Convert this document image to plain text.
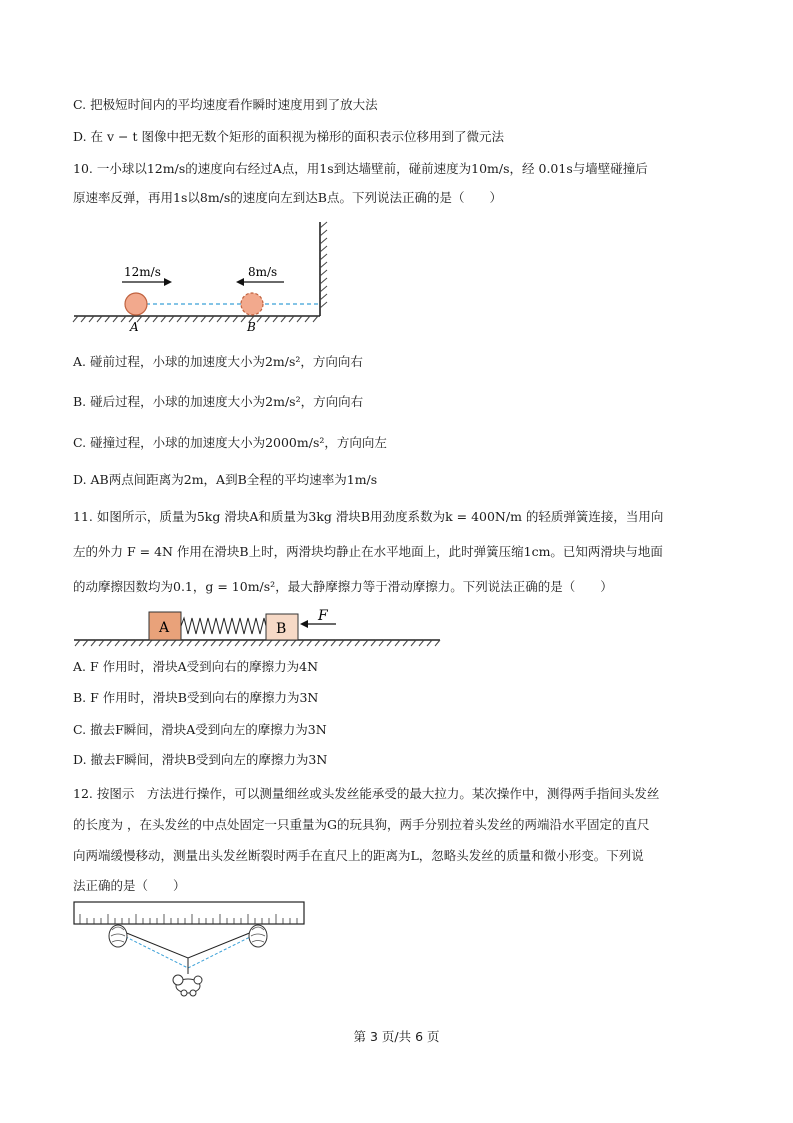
C. 把极短时间内的平均速度看作瞬时速度用到了放大法
D. 在 v − t 图像中把无数个矩形的面积视为梯形的面积表示位移用到了微元法
10. 一小球以12m/s的速度向右经过A点，用1s到达墙壁前，碰前速度为10m/s，经 0.01s与墙壁碰撞后
原速率反弹，再用1s以8m/s的速度向左到达B点。下列说法正确的是（　　）
12m/s	8m/s
A	B
A. 碰前过程，小球的加速度大小为2m/s²，方向向右
B. 碰后过程，小球的加速度大小为2m/s²，方向向右
C. 碰撞过程，小球的加速度大小为2000m/s²，方向向左
D. AB两点间距离为2m，A到B全程的平均速率为1m/s
11. 如图所示，质量为5kg 滑块A和质量为3kg 滑块B用劲度系数为k = 400N/m 的轻质弹簧连接，当用向
左的外力 F = 4N 作用在滑块B上时，两滑块均静止在水平地面上，此时弹簧压缩1cm。已知两滑块与地面
的动摩擦因数均为0.1，g = 10m/s²，最大静摩擦力等于滑动摩擦力。下列说法正确的是（　　）
A	B
F
A. F 作用时，滑块A受到向右的摩擦力为4N
B. F 作用时，滑块B受到向右的摩擦力为3N
C. 撤去F瞬间，滑块A受到向左的摩擦力为3N
D. 撤去F瞬间，滑块B受到向左的摩擦力为3N
12. 按图示　方法进行操作，可以测量细丝或头发丝能承受的最大拉力。某次操作中，测得两手指间头发丝
的长度为 ，在头发丝的中点处固定一只重量为G的玩具狗，两手分别拉着头发丝的两端沿水平固定的直尺
向两端缓慢移动，测量出头发丝断裂时两手在直尺上的距离为L，忽略头发丝的质量和微小形变。下列说
法正确的是（　　）
第 3 页/共 6 页
